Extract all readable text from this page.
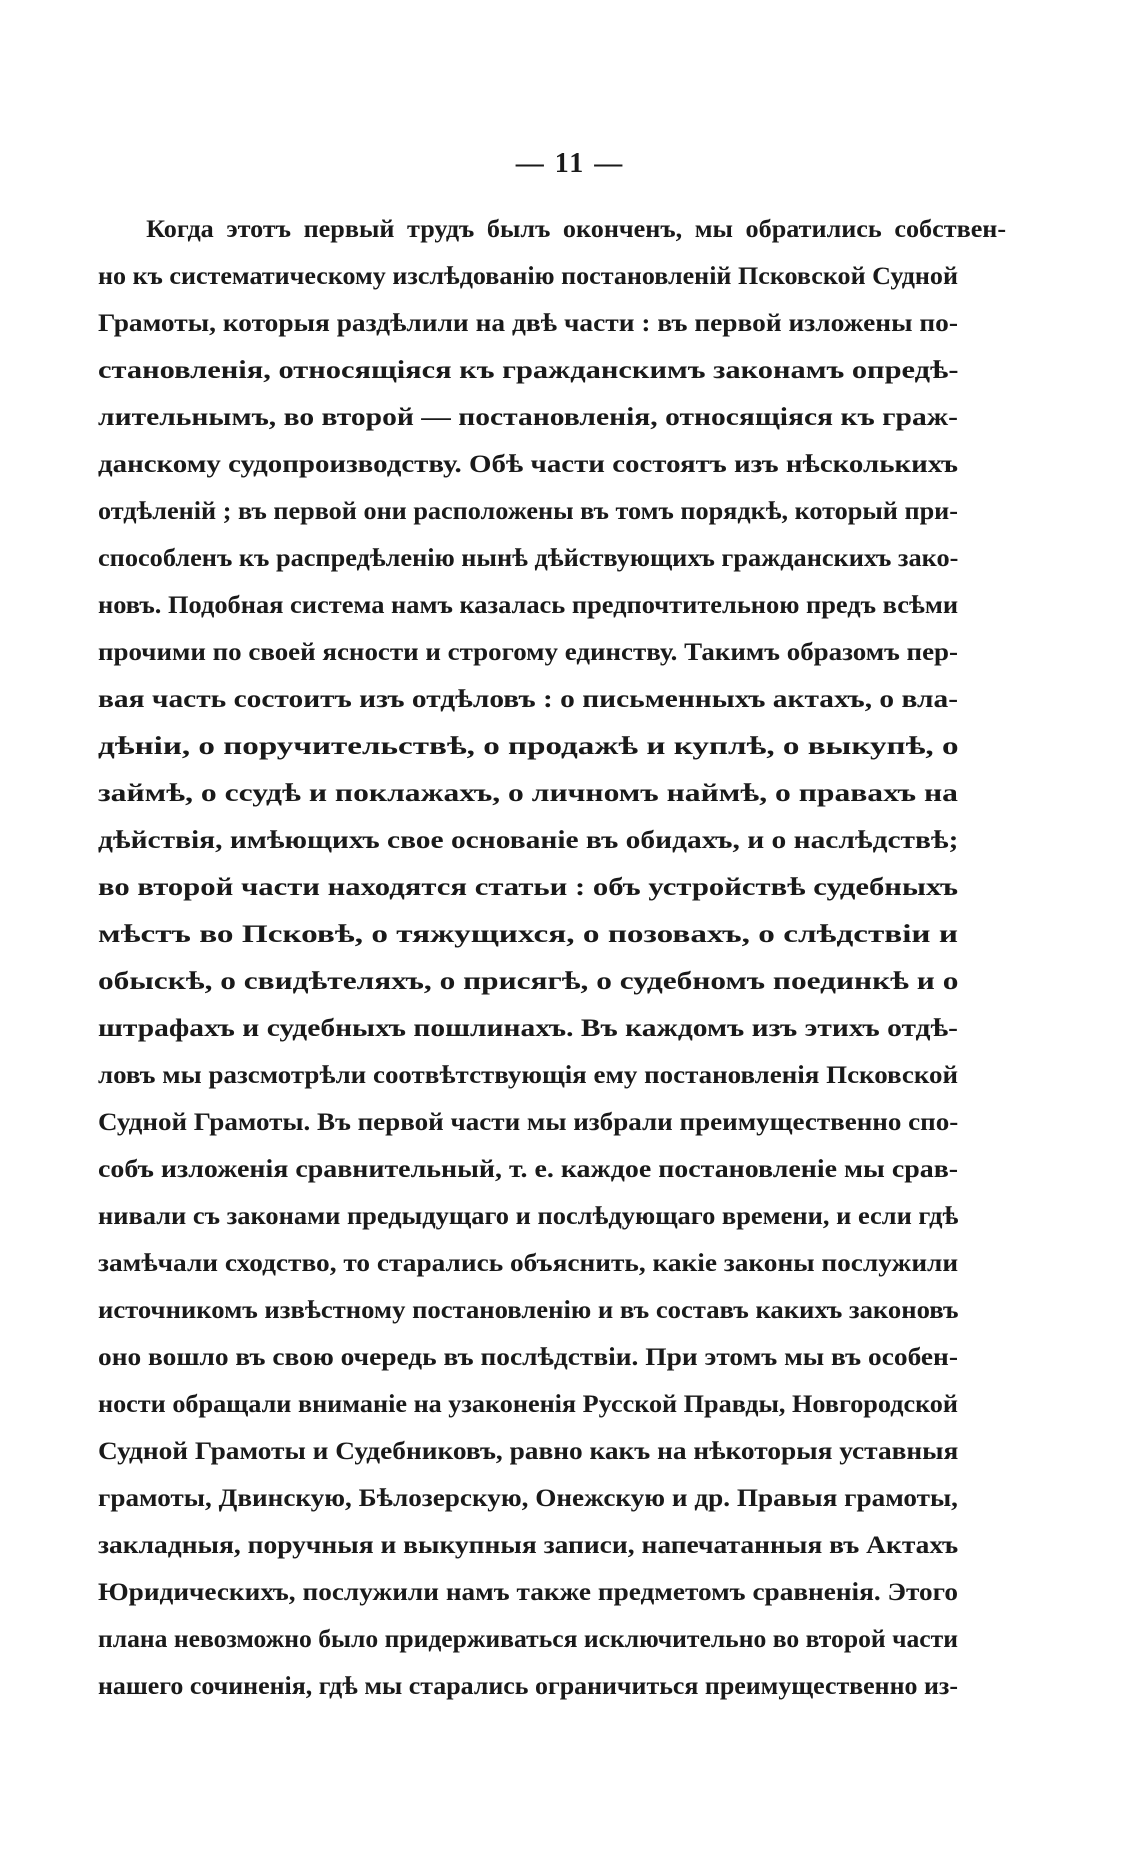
— 11 —
Когда этотъ первый трудъ былъ оконченъ, мы обратились собствен-
но къ систематическому изслѣдованію постановленій Псковской Судной
Грамоты, которыя раздѣлили на двѣ части : въ первой изложены по-
становленія, относящіяся къ гражданскимъ законамъ опредѣ-
лительнымъ, во второй — постановленія, относящіяся къ граж-
данскому судопроизводству. Обѣ части состоятъ изъ нѣсколькихъ
отдѣленій ; въ первой они расположены въ томъ порядкѣ, который при-
способленъ къ распредѣленію нынѣ дѣйствующихъ гражданскихъ зако-
новъ. Подобная система намъ казалась предпочтительною предъ всѣми
прочими по своей ясности и строгому единству. Такимъ образомъ пер-
вая часть состоитъ изъ отдѣловъ : о письменныхъ актахъ, о вла-
дѣніи, о поручительствѣ, о продажѣ и куплѣ, о выкупѣ, о
займѣ, о ссудѣ и поклажахъ, о личномъ наймѣ, о правахъ на
дѣйствія, имѣющихъ свое основаніе въ обидахъ, и о наслѣдствѣ;
во второй части находятся статьи : объ устройствѣ судебныхъ
мѣстъ во Псковѣ, о тяжущихся, о позовахъ, о слѣдствіи и
обыскѣ, о свидѣтеляхъ, о присягѣ, о судебномъ поединкѣ и о
штрафахъ и судебныхъ пошлинахъ. Въ каждомъ изъ этихъ отдѣ-
ловъ мы разсмотрѣли соотвѣтствующія ему постановленія Псковской
Судной Грамоты. Въ первой части мы избрали преимущественно спо-
собъ изложенія сравнительный, т. е. каждое постановленіе мы срав-
нивали съ законами предыдущаго и послѣдующаго времени, и если гдѣ
замѣчали сходство, то старались объяснить, какіе законы послужили
источникомъ извѣстному постановленію и въ составъ какихъ законовъ
оно вошло въ свою очередь въ послѣдствіи. При этомъ мы въ особен-
ности обращали вниманіе на узаконенія Русской Правды, Новгородской
Судной Грамоты и Судебниковъ, равно какъ на нѣкоторыя уставныя
грамоты, Двинскую, Бѣлозерскую, Онежскую и др. Правыя грамоты,
закладныя, поручныя и выкупныя записи, напечатанныя въ Актахъ
Юридическихъ, послужили намъ также предметомъ сравненія. Этого
плана невозможно было придерживаться исключительно во второй части
нашего сочиненія, гдѣ мы старались ограничиться преимущественно из-
